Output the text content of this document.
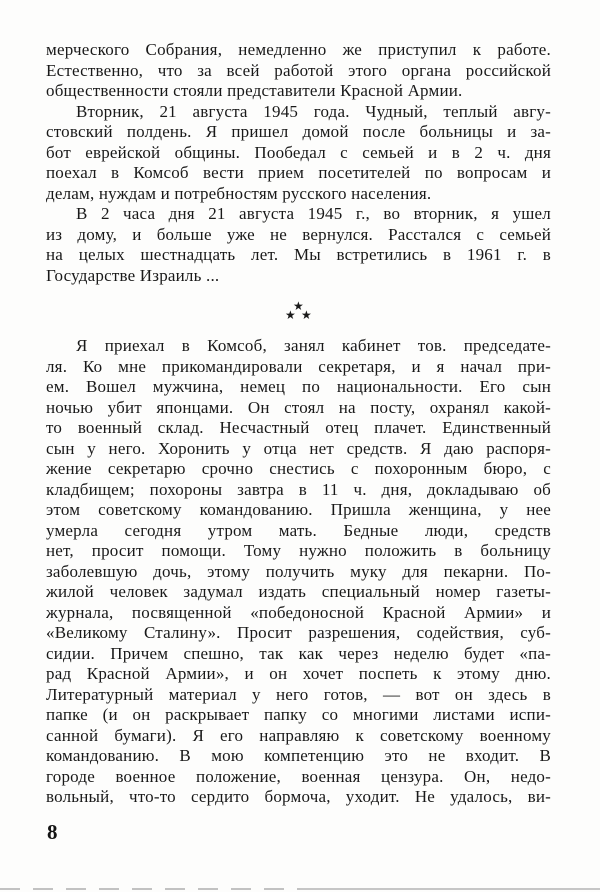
мерческого Собрания, немедленно же приступил к работе.
Естественно, что за всей работой этого органа российской
общественности стояли представители Красной Армии.
Вторник, 21 августа 1945 года. Чудный, теплый авгу-
стовский полдень. Я пришел домой после больницы и за-
бот еврейской общины. Пообедал с семьей и в 2 ч. дня
поехал в Комсоб вести прием посетителей по вопросам и
делам, нуждам и потребностям русского населения.
В 2 часа дня 21 августа 1945 г., во вторник, я ушел
из дому, и больше уже не вернулся. Расстался с семьей
на целых шестнадцать лет. Мы встретились в 1961 г. в
Государстве Израиль ...
★
★ ★
Я приехал в Комсоб, занял кабинет тов. председате-
ля. Ко мне прикомандировали секретаря, и я начал при-
ем. Вошел мужчина, немец по национальности. Его сын
ночью убит японцами. Он стоял на посту, охранял какой-
то военный склад. Несчастный отец плачет. Единственный
сын у него. Хоронить у отца нет средств. Я даю распоря-
жение секретарю срочно снестись с похоронным бюро, с
кладбищем; похороны завтра в 11 ч. дня, докладываю об
этом советскому командованию. Пришла женщина, у нее
умерла сегодня утром мать. Бедные люди, средств
нет, просит помощи. Тому нужно положить в больницу
заболевшую дочь, этому получить муку для пекарни. По-
жилой человек задумал издать специальный номер газеты-
журнала, посвященной «победоносной Красной Армии» и
«Великому Сталину». Просит разрешения, содействия, суб-
сидии. Причем спешно, так как через неделю будет «па-
рад Красной Армии», и он хочет поспеть к этому дню.
Литературный материал у него готов, — вот он здесь в
папке (и он раскрывает папку со многими листами испи-
санной бумаги). Я его направляю к советскому военному
командованию. В мою компетенцию это не входит. В
городе военное положение, военная цензура. Он, недо-
вольный, что-то сердито бормоча, уходит. Не удалось, ви-
8
